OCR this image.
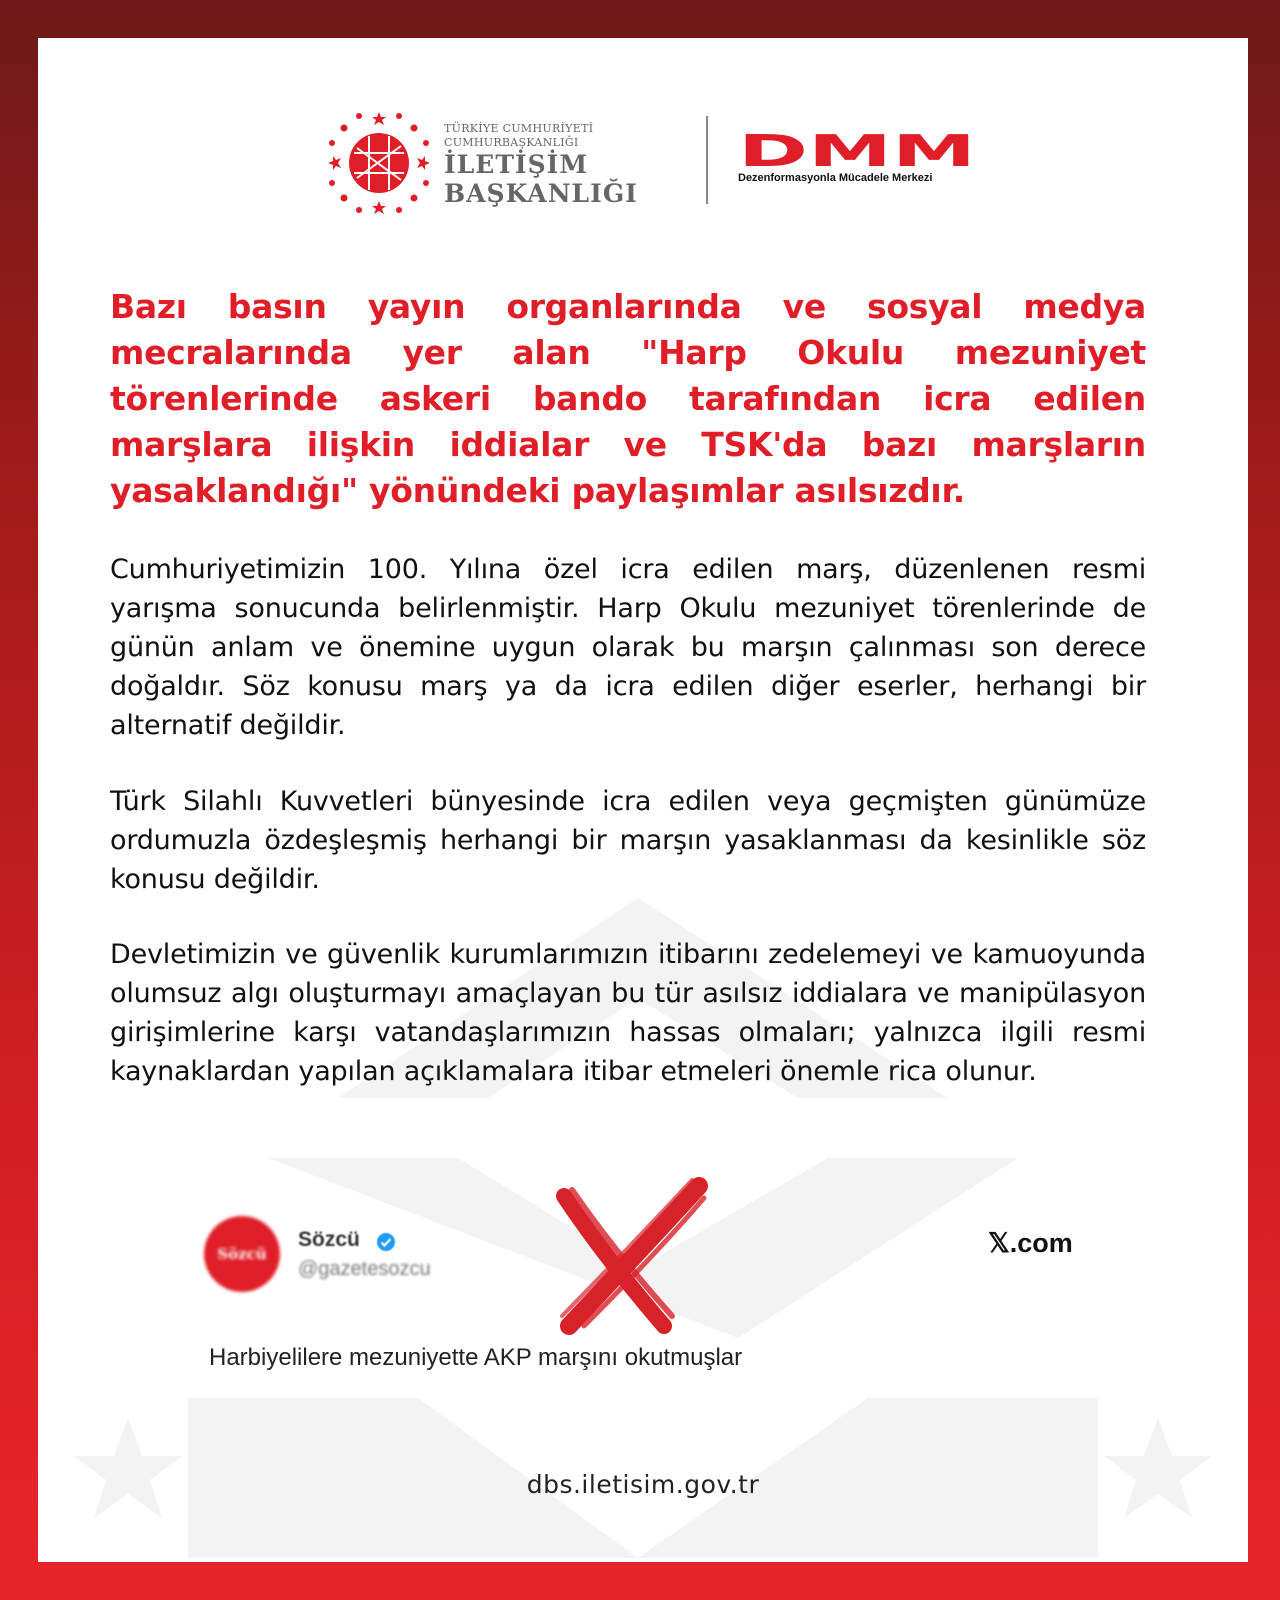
TÜRKİYE CUMHURİYETİ
CUMHURBAŞKANLIĞI
İLETİŞİM
BAŞKANLIĞI
DMM
Dezenformasyonla Mücadele Merkezi
Bazı basın yayın organlarında ve sosyal medya mecralarında yer alan "Harp Okulu mezuniyet törenlerinde askeri bando tarafından icra edilen marşlara ilişkin iddialar ve TSK'da bazı marşların yasaklandığı" yönündeki paylaşımlar asılsızdır.
Cumhuriyetimizin 100. Yılına özel icra edilen marş, düzenlenen resmi yarışma sonucunda belirlenmiştir. Harp Okulu mezuniyet törenlerinde de günün anlam ve önemine uygun olarak bu marşın çalınması son derece doğaldır. Söz konusu marş ya da icra edilen diğer eserler, herhangi bir alternatif değildir.
Türk Silahlı Kuvvetleri bünyesinde icra edilen veya geçmişten günümüze ordumuzla özdeşleşmiş herhangi bir marşın yasaklanması da kesinlikle söz konusu değildir.
Devletimizin ve güvenlik kurumlarımızın itibarını zedelemeyi ve kamuoyunda olumsuz algı oluşturmayı amaçlayan bu tür asılsız iddialara ve manipülasyon girişimlerine karşı vatandaşlarımızın hassas olmaları; yalnızca ilgili resmi kaynaklardan yapılan açıklamalara itibar etmeleri önemle rica olunur.
Sözcü
Sözcü
@gazetesozcu
𝕏.com
Harbiyelilere mezuniyette AKP marşını okutmuşlar
dbs.iletisim.gov.tr
